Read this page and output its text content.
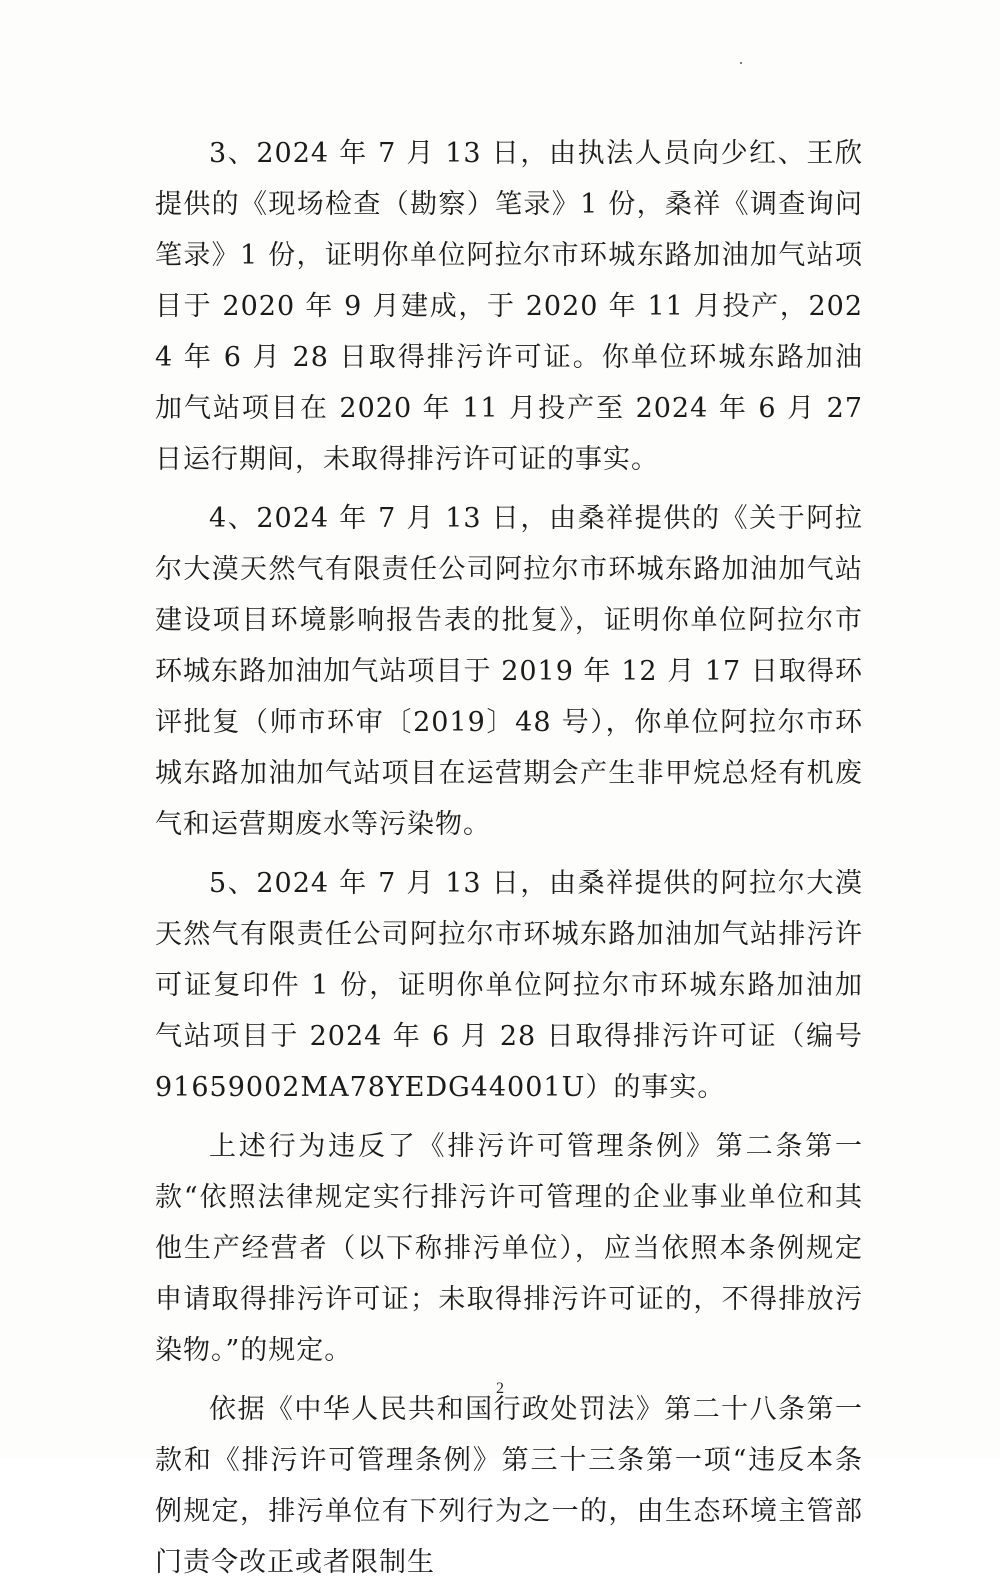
3、2024 年 7 月 13 日，由执法人员向少红、王欣提供的《现场检查（勘察）笔录》1 份，桑祥《调查询问笔录》1 份，证明你单位阿拉尔市环城东路加油加气站项目于 2020 年 9 月建成，于 2020 年 11 月投产，2024 年 6 月 28 日取得排污许可证。你单位环城东路加油加气站项目在 2020 年 11 月投产至 2024 年 6 月 27 日运行期间，未取得排污许可证的事实。

4、2024 年 7 月 13 日，由桑祥提供的《关于阿拉尔大漠天然气有限责任公司阿拉尔市环城东路加油加气站建设项目环境影响报告表的批复》，证明你单位阿拉尔市环城东路加油加气站项目于 2019 年 12 月 17 日取得环评批复（师市环审〔2019〕48 号），你单位阿拉尔市环城东路加油加气站项目在运营期会产生非甲烷总烃有机废气和运营期废水等污染物。

5、2024 年 7 月 13 日，由桑祥提供的阿拉尔大漠天然气有限责任公司阿拉尔市环城东路加油加气站排污许可证复印件 1 份，证明你单位阿拉尔市环城东路加油加气站项目于 2024 年 6 月 28 日取得排污许可证（编号 91659002MA78YEDG44001U）的事实。

上述行为违反了《排污许可管理条例》第二条第一款“依照法律规定实行排污许可管理的企业事业单位和其他生产经营者（以下称排污单位），应当依照本条例规定申请取得排污许可证；未取得排污许可证的，不得排放污染物。”的规定。

依据《中华人民共和国行政处罚法》第二十八条第一款和《排污许可管理条例》第三十三条第一项“违反本条例规定，排污单位有下列行为之一的，由生态环境主管部门责令改正或者限制生

2
